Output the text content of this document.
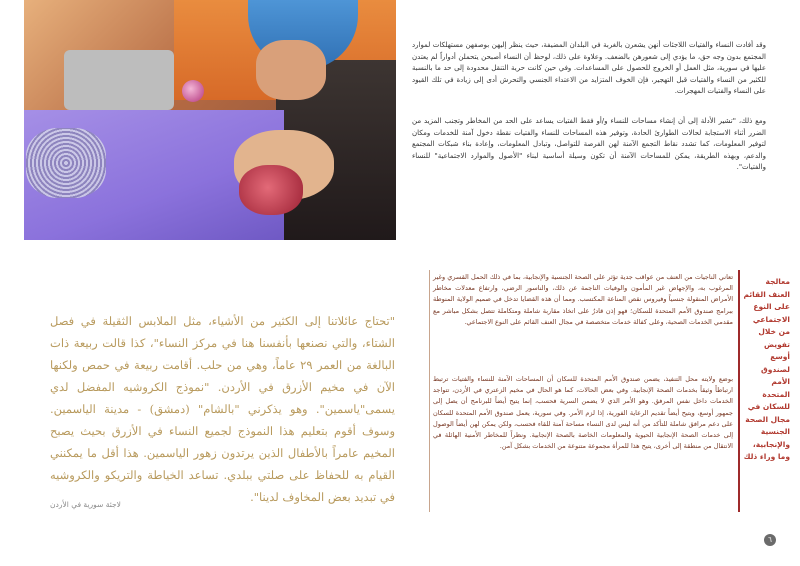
وقد أفادت النساء والفتيات اللاجئات أنهن يشعرن بالغربة في البلدان المضيفة، حيث ينظر إليهن بوصفهن مستهلكات لموارد المجتمع بدون وجه حق، ما يؤدي إلى شعورهن بالضعف. وعلاوة على ذلك، لوحظ أن النساء أصبحن يتحملن أدواراً لم يعتدن عليها في سورية، مثل العمل أو الخروج للحصول على المساعدات. وفي حين كانت حرية التنقل محدودة إلى حد ما بالنسبة للكثير من النساء والفتيات قبل التهجير، فإن الخوف المتزايد من الاعتداء الجنسي والتحرش أدى إلى زيادة في تلك القيود على النساء والفتيات المهجرات.

ومع ذلك، "تشير الأدلة إلى أن إنشاء مساحات للنساء و/أو فقط الفتيات يساعد على الحد من المخاطر وتجنب المزيد من الضرر أثناء الاستجابة لحالات الطوارئ الحادة، وتوفير هذه المساحات للنساء والفتيات نقطة دخول آمنة للخدمات ومكان لتوفير المعلومات، كما تشدد نقاط التجمع الآمنة لهن الفرصة للتواصل، وتبادل المعلومات، وإعادة بناء شبكات المجتمع والدعم، وبهذه الطريقة، يمكن للمساحات الآمنة أن تكون وسيلة أساسية لبناء "الأصول والموارد الاجتماعية" للنساء والفتيات".

معالجة العنف القائم على النوع الاجتماعي من خلال تفويض أوسع لصندوق الأمم المتحدة للسكان في مجال الصحة الجنسية والإنجابية، وما وراء ذلك

تعاني الناجيات من العنف من عواقب جدية تؤثر على الصحة الجنسية والإنجابية، بما في ذلك الحمل القسري وغير المرغوب به، والإجهاض غير المأمون والوفيات الناجمة عن ذلك، والناسور الرضي، وارتفاع معدلات مخاطر الأمراض المنقولة جنسياً وفيروس نقص المناعة المكتسب. ومما أن هذه القضايا تدخل في صميم الولاية المنوطة ببرامج صندوق الأمم المتحدة للسكان؛ فهو إذن قادرٌ على اتخاذ مقاربة شاملة ومتكاملة تتصل بشكل مباشر مع مقدمي الخدمات الصحية، وعلى كفالة خدمات متخصصة في مجال العنف القائم على النوع الاجتماعي.

بوضع ولايته محل التنفيذ، يضمن صندوق الأمم المتحدة للسكان أن المساحات الآمنة للنساء والفتيات ترتبط ارتباطاً وثيقاً بخدمات الصحة الإنجابية. وفي بعض الحالات، كما هو الحال في مخيم الزعتري في الأردن، تتواجد الخدمات داخل نفس المرفق. وهو الأمر الذي لا يضمن السرية فحسب، إنما يتيح أيضاً للبرنامج أن يصل إلى جمهور أوسع، ويتيح أيضاً تقديم الرعاية الفورية، إذا لزم الأمر. وفي سورية، يعمل صندوق الأمم المتحدة للسكان على دعم مرافق شاملة للتأكد من أنه ليس لدى النساء مساحة آمنة للقاء فحسب، ولكن يمكن لهن أيضاً الوصول إلى خدمات الصحة الإنجابية الحيوية والمعلومات الخاصة بالصحة الإنجابية. ونظراً للمخاطر الأمنية الهائلة في الانتقال من منطقة إلى أخرى، يتيح هذا للمرأة مجموعة متنوعة من الخدمات بشكل آمن.

"تحتاج عائلاتنا إلى الكثير من الأشياء، مثل الملابس الثقيلة في فصل الشتاء، والتي نصنعها بأنفسنا هنا في مركز النساء"، كذا قالت ربيعة ذات البالغة من العمر ٢٩ عاماً، وهي من حلب. أقامت ربيعة في حمص ولكنها الآن في مخيم الأزرق في الأردن. "نموذج الكروشيه المفضل لدي يسمى"ياسمين". وهو يذكرني "بالشام" (دمشق) - مدينة الياسمين. وسوف أقوم بتعليم هذا النموذج لجميع النساء في الأزرق بحيث يصبح المخيم عامراً بالأطفال الذين يرتدون زهور الياسمين. هذا أقل ما يمكنني القيام به للحفاظ على صلتي ببلدي. تساعد الخياطة والتريكو والكروشيه في تبديد بعض المخاوف لدينا".

لاجئة سورية في الأردن
٦
